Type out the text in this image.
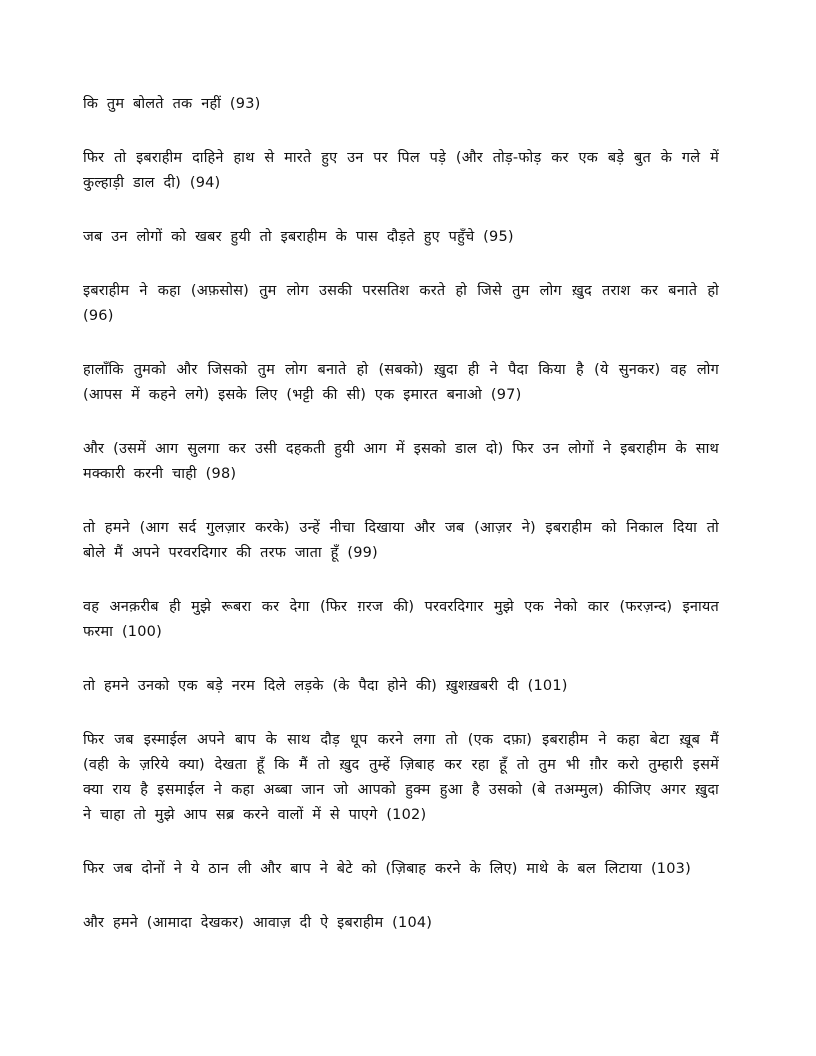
कि तुम बोलते तक नहीं (93)

फिर तो इबराहीम दाहिने हाथ से मारते हुए उन पर पिल पड़े (और तोड़-फोड़ कर एक बड़े बुत के गले में कुल्हाड़ी डाल दी) (94)

जब उन लोगों को खबर हुयी तो इबराहीम के पास दौड़ते हुए पहुँचे (95)

इबराहीम ने कहा (अफ़सोस) तुम लोग उसकी परसतिश करते हो जिसे तुम लोग ख़ुद तराश कर बनाते हो (96)

हालाँकि तुमको और जिसको तुम लोग बनाते हो (सबको) ख़ुदा ही ने पैदा किया है (ये सुनकर) वह लोग (आपस में कहने लगे) इसके लिए (भट्टी की सी) एक इमारत बनाओ (97)

और (उसमें आग सुलगा कर उसी दहकती हुयी आग में इसको डाल दो) फिर उन लोगों ने इबराहीम के साथ मक्कारी करनी चाही (98)

तो हमने (आग सर्द गुलज़ार करके) उन्हें नीचा दिखाया और जब (आज़र ने) इबराहीम को निकाल दिया तो बोले मैं अपने परवरदिगार की तरफ जाता हूँ (99)

वह अनक़रीब ही मुझे रूबरा कर देगा (फिर ग़रज की) परवरदिगार मुझे एक नेको कार (फरज़न्द) इनायत फरमा (100)

तो हमने उनको एक बड़े नरम दिले लड़के (के पैदा होने की) ख़ुशख़बरी दी (101)

फिर जब इस्माईल अपने बाप के साथ दौड़ धूप करने लगा तो (एक दफ़ा) इबराहीम ने कहा बेटा ख़ूब मैं (वही के ज़रिये क्या) देखता हूँ कि मैं तो ख़ुद तुम्हें ज़िबाह कर रहा हूँ तो तुम भी ग़ौर करो तुम्हारी इसमें क्या राय है इसमाईल ने कहा अब्बा जान जो आपको हुक्म हुआ है उसको (बे तअम्मुल) कीजिए अगर ख़ुदा ने चाहा तो मुझे आप सब्र करने वालों में से पाएगे (102)

फिर जब दोनों ने ये ठान ली और बाप ने बेटे को (ज़िबाह करने के लिए) माथे के बल लिटाया (103)

और हमने (आमादा देखकर) आवाज़ दी ऐ इबराहीम (104)
